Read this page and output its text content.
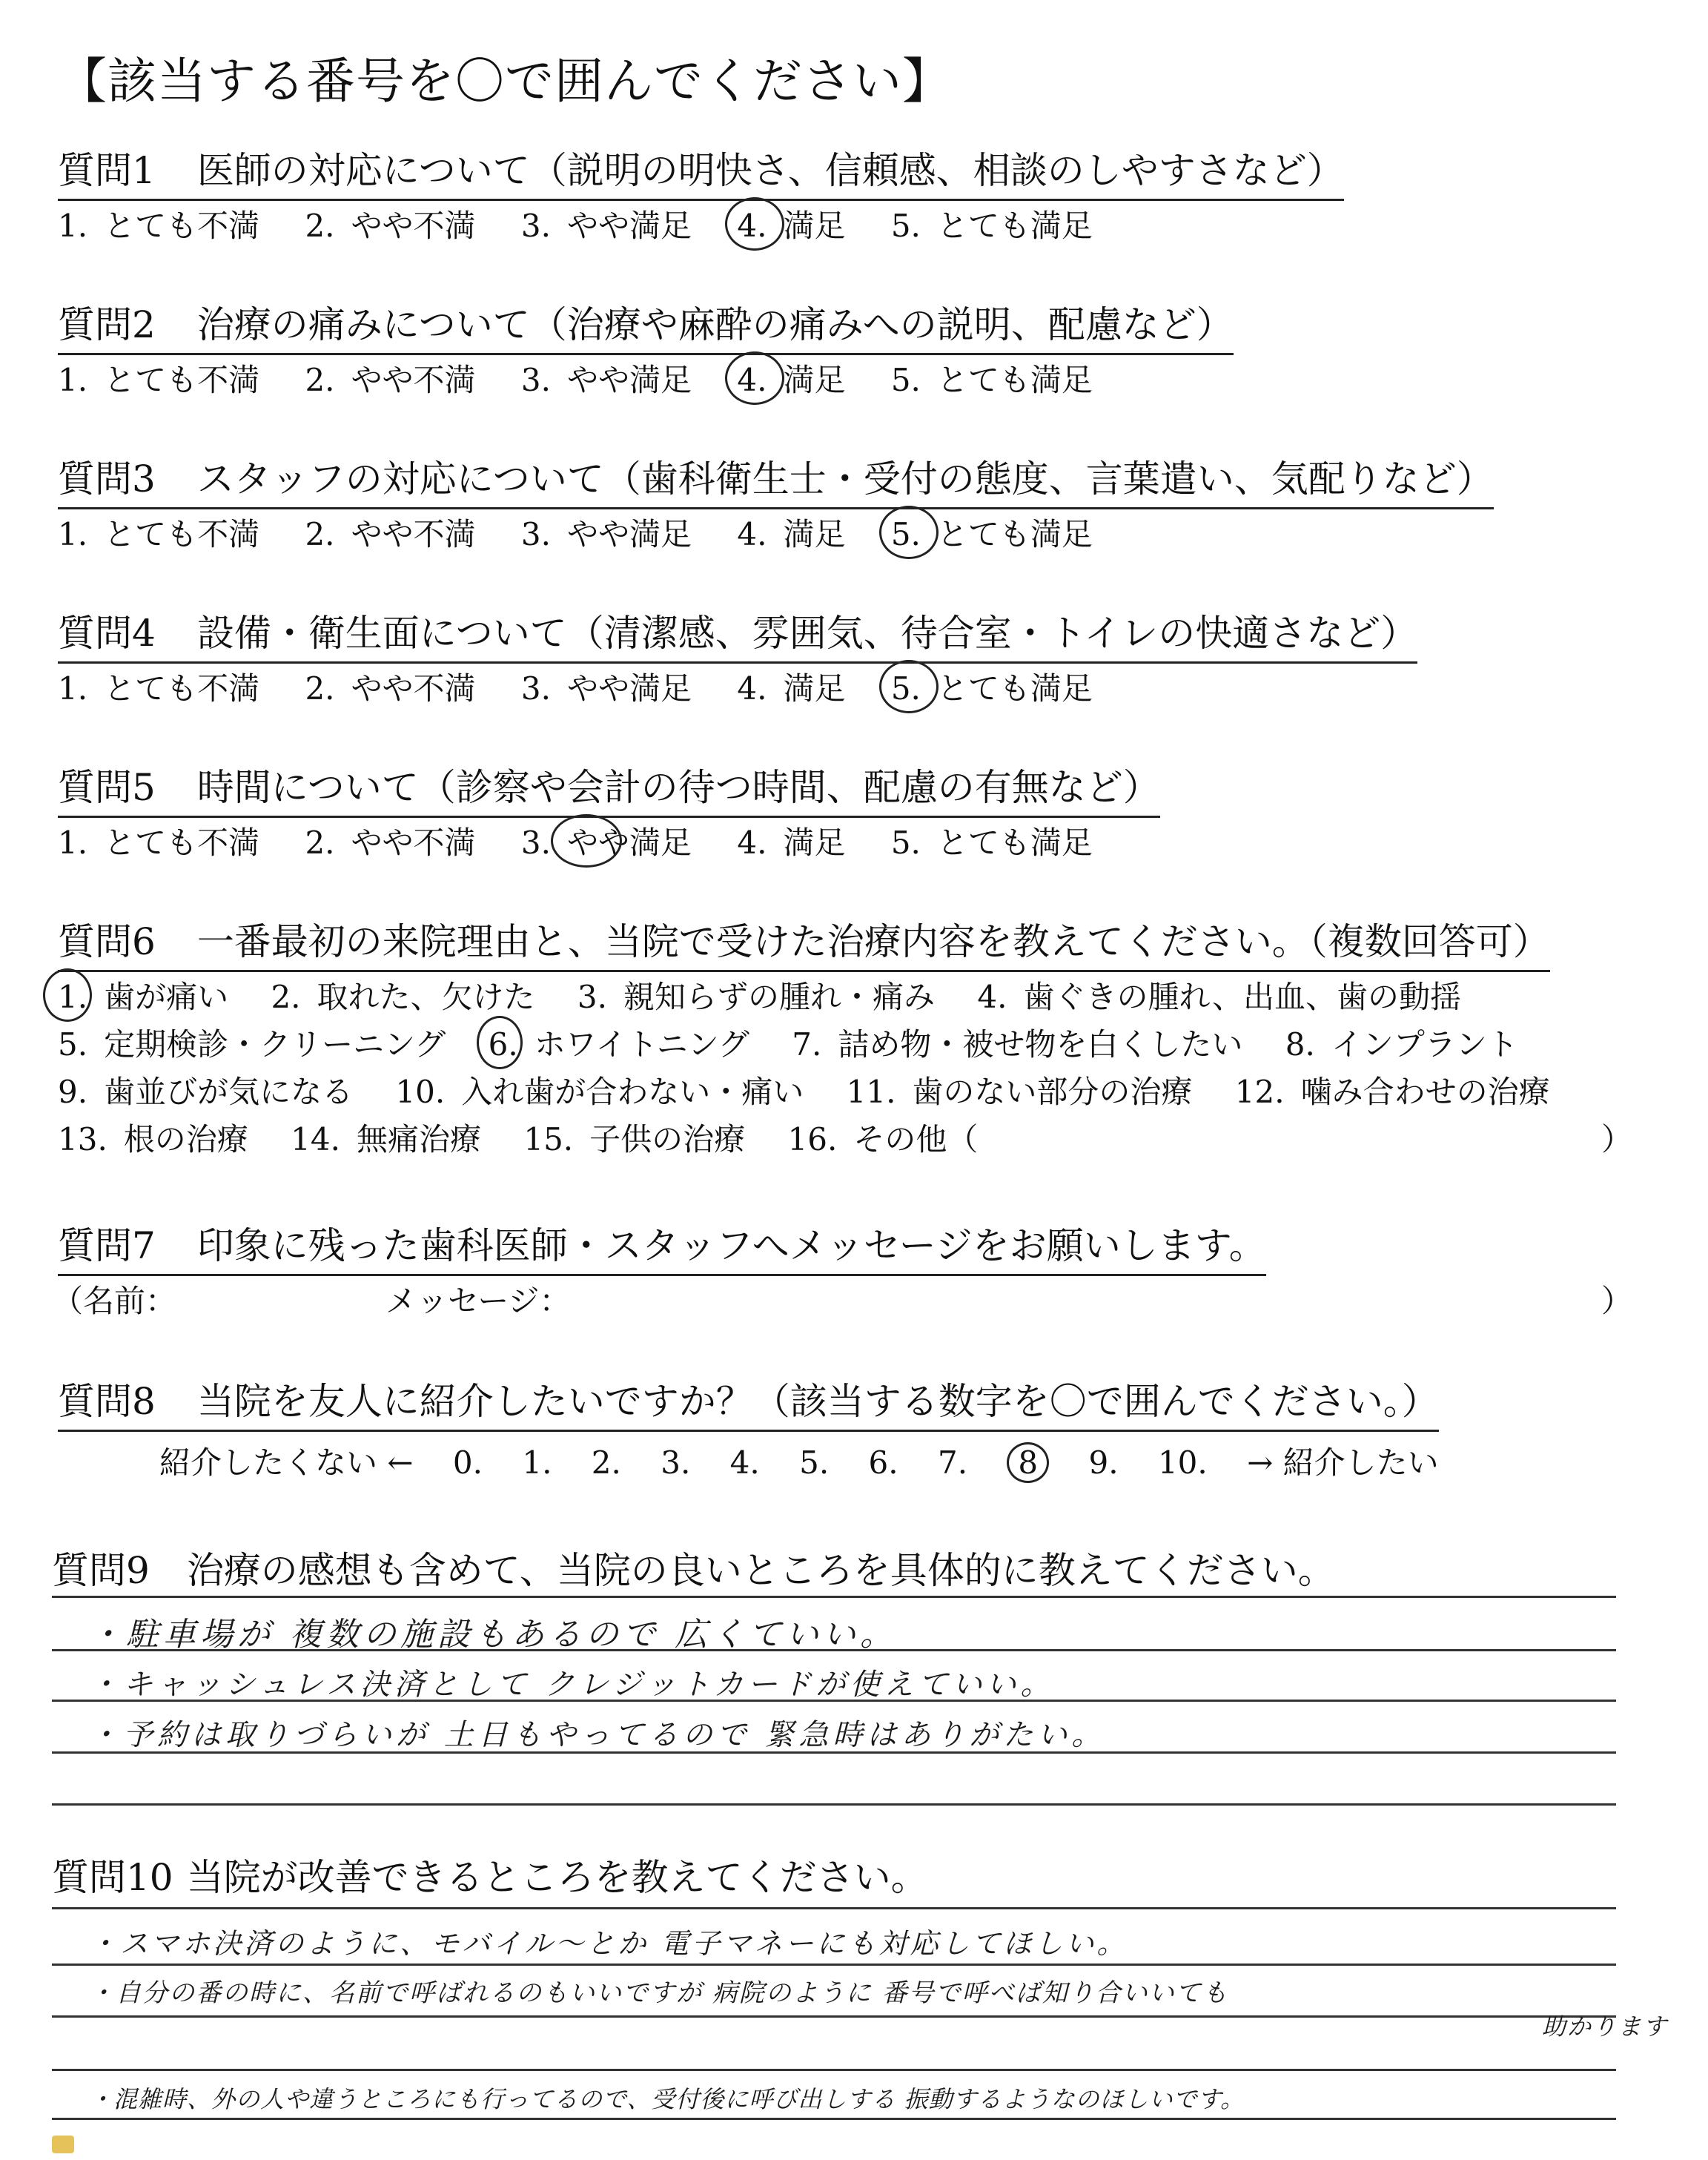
【該当する番号を〇で囲んでください】
質問1 医師の対応について（説明の明快さ、信頼感、相談のしやすさなど）
1. とても不満 2. やや不満 3. やや満足 4. 満足 5. とても満足
質問2 治療の痛みについて（治療や麻酔の痛みへの説明、配慮など）
1. とても不満 2. やや不満 3. やや満足 4. 満足 5. とても満足
質問3 スタッフの対応について（歯科衛生士・受付の態度、言葉遣い、気配りなど）
1. とても不満 2. やや不満 3. やや満足 4. 満足 5. とても満足
質問4 設備・衛生面について（清潔感、雰囲気、待合室・トイレの快適さなど）
1. とても不満 2. やや不満 3. やや満足 4. 満足 5. とても満足
質問5 時間について（診察や会計の待つ時間、配慮の有無など）
1. とても不満 2. やや不満 3. やや満足 4. 満足 5. とても満足
質問6 一番最初の来院理由と、当院で受けた治療内容を教えてください。（複数回答可）
1. 歯が痛い 2. 取れた、欠けた 3. 親知らずの腫れ・痛み 4. 歯ぐきの腫れ、出血、歯の動揺
5. 定期検診・クリーニング 6. ホワイトニング 7. 詰め物・被せ物を白くしたい 8. インプラント
9. 歯並びが気になる 10. 入れ歯が合わない・痛い 11. 歯のない部分の治療 12. 噛み合わせの治療
13. 根の治療 14. 無痛治療 15. 子供の治療 16. その他（	）
質問7 印象に残った歯科医師・スタッフへメッセージをお願いします。
（名前：	メッセージ：	）
質問8 当院を友人に紹介したいですか？（該当する数字を〇で囲んでください。）
紹介したくない ← 0. 1. 2. 3. 4. 5. 6. 7. 8 9. 10. → 紹介したい
質問9 治療の感想も含めて、当院の良いところを具体的に教えてください。
・駐車場が 複数の施設もあるので 広くていい。
・キャッシュレス決済として クレジットカードが使えていい。
・予約は取りづらいが 土日もやってるので 緊急時はありがたい。
質問10 当院が改善できるところを教えてください。
・スマホ決済のように、モバイル～とか 電子マネーにも対応してほしい。
・自分の番の時に、名前で呼ばれるのもいいですが 病院のように 番号で呼べば知り合いいても
助かります
・混雑時、外の人や違うところにも行ってるので、受付後に呼び出しする 振動するようなのほしいです。
